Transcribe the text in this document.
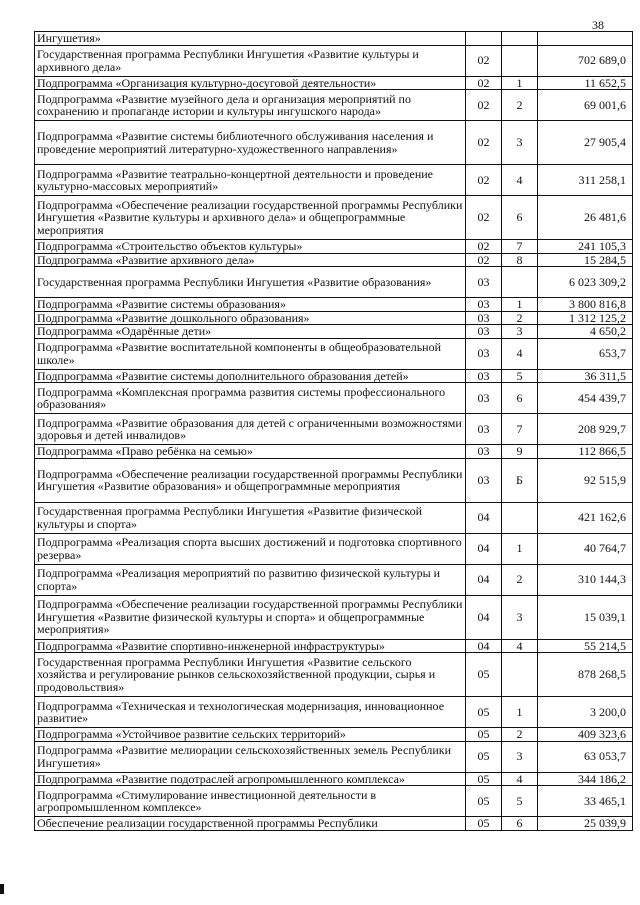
38
Ингушетия»			
Государственная программа Республики Ингушетия «Развитие культуры и архивного дела»	02		702 689,0
Подпрограмма «Организация культурно-досуговой деятельности»	02	1	11 652,5
Подпрограмма «Развитие музейного дела и организация мероприятий по сохранению и пропаганде истории и культуры ингушского народа»	02	2	69 001,6
Подпрограмма «Развитие системы библиотечного обслуживания населения и проведение мероприятий литературно-художественного направления»	02	3	27 905,4
Подпрограмма «Развитие театрально-концертной деятельности и проведение культурно-массовых мероприятий»	02	4	311 258,1
Подпрограмма «Обеспечение реализации государственной программы Республики Ингушетия «Развитие культуры и архивного дела» и общепрограммные мероприятия	02	6	26 481,6
Подпрограмма «Строительство объектов культуры»	02	7	241 105,3
Подпрограмма «Развитие архивного дела»	02	8	15 284,5
Государственная программа Республики Ингушетия «Развитие образования»	03		6 023 309,2
Подпрограмма «Развитие системы образования»	03	1	3 800 816,8
Подпрограмма «Развитие дошкольного образования»	03	2	1 312 125,2
Подпрограмма «Одарённые дети»	03	3	4 650,2
Подпрограмма «Развитие воспитательной компоненты в общеобразовательной школе»	03	4	653,7
Подпрограмма «Развитие системы дополнительного образования детей»	03	5	36 311,5
Подпрограмма «Комплексная программа развития системы профессионального образования»	03	6	454 439,7
Подпрограмма «Развитие образования для детей с ограниченными возможностями здоровья и детей инвалидов»	03	7	208 929,7
Подпрограмма «Право ребёнка на семью»	03	9	112 866,5
Подпрограмма «Обеспечение реализации государственной программы Республики Ингушетия «Развитие образования» и общепрограммные мероприятия	03	Б	92 515,9
Государственная программа Республики Ингушетия «Развитие физической культуры и спорта»	04		421 162,6
Подпрограмма «Реализация спорта высших достижений и подготовка спортивного резерва»	04	1	40 764,7
Подпрограмма «Реализация мероприятий по развитию физической культуры и спорта»	04	2	310 144,3
Подпрограмма «Обеспечение реализации государственной программы Республики Ингушетия «Развитие физической культуры и спорта» и общепрограммные мероприятия»	04	3	15 039,1
Подпрограмма «Развитие спортивно-инженерной инфраструктуры»	04	4	55 214,5
Государственная программа Республики Ингушетия «Развитие сельского хозяйства и регулирование рынков сельскохозяйственной продукции, сырья и продовольствия»	05		878 268,5
Подпрограмма «Техническая и технологическая модернизация, инновационное развитие»	05	1	3 200,0
Подпрограмма «Устойчивое развитие сельских территорий»	05	2	409 323,6
Подпрограмма «Развитие мелиорации сельскохозяйственных земель Республики Ингушетия»	05	3	63 053,7
Подпрограмма «Развитие подотраслей агропромышленного комплекса»	05	4	344 186,2
Подпрограмма «Стимулирование инвестиционной деятельности в агропромышленном комплексе»	05	5	33 465,1
Обеспечение реализации государственной программы Республики	05	6	25 039,9
